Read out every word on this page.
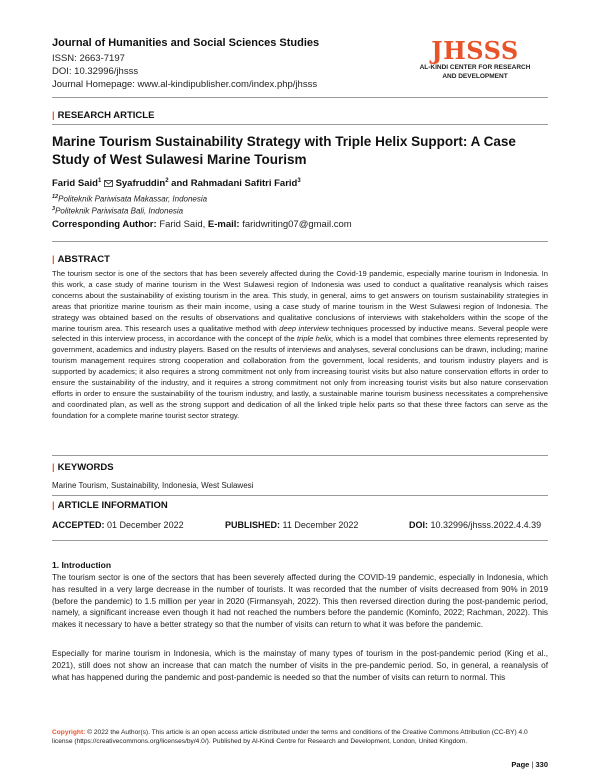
Journal of Humanities and Social Sciences Studies
ISSN: 2663-7197
DOI: 10.32996/jhsss
Journal Homepage: www.al-kindipublisher.com/index.php/jhsss
JHSSS
AL-KINDI CENTER FOR RESEARCH
AND DEVELOPMENT
| RESEARCH ARTICLE
Marine Tourism Sustainability Strategy with Triple Helix Support: A Case Study of West Sulawesi Marine Tourism
Farid Said$^1$ Syafruddin$^2$ and Rahmadani Safitri Farid$^3$
$^{12}$Politeknik Pariwisata Makassar, Indonesia
$^3$Politeknik Pariwisata Bali, Indonesia
Corresponding Author: Farid Said, E-mail: faridwriting07@gmail.com
| ABSTRACT
The tourism sector is one of the sectors that has been severely affected during the Covid-19 pandemic, especially marine tourism in Indonesia. In this work, a case study of marine tourism in the West Sulawesi region of Indonesia was used to conduct a qualitative reanalysis which raises concerns about the sustainability of existing tourism in the area. This study, in general, aims to get answers on tourism sustainability strategies in areas that prioritize marine tourism as their main income, using a case study of marine tourism in the West Sulawesi region of Indonesia. The strategy was obtained based on the results of observations and qualitative conclusions of interviews with stakeholders within the scope of the marine tourism area. This research uses a qualitative method with deep interview techniques processed by inductive means. Several people were selected in this interview process, in accordance with the concept of the triple helix, which is a model that combines three elements represented by government, academics and industry players. Based on the results of interviews and analyses, several conclusions can be drawn, including; marine tourism management requires strong cooperation and collaboration from the government, local residents, and tourism industry players and is supported by academics; it also requires a strong commitment not only from increasing tourist visits but also nature conservation efforts in order to ensure the sustainability of the industry, and it requires a strong commitment not only from increasing tourist visits but also nature conservation efforts in order to ensure the sustainability of the tourism industry, and lastly, a sustainable marine tourism business necessitates a comprehensive and coordinated plan, as well as the strong support and dedication of all the linked triple helix parts so that these three factors can serve as the foundation for a complete marine tourist sector strategy.
| KEYWORDS
Marine Tourism, Sustainability, Indonesia, West Sulawesi
| ARTICLE INFORMATION
ACCEPTED: 01 December 2022	PUBLISHED: 11 December 2022	DOI: 10.32996/jhsss.2022.4.4.39
1. Introduction
The tourism sector is one of the sectors that has been severely affected during the COVID-19 pandemic, especially in Indonesia, which has resulted in a very large decrease in the number of tourists. It was recorded that the number of visits decreased from 90% in 2019 (before the pandemic) to 1.5 million per year in 2020 (Firmansyah, 2022). This then reversed direction during the post-pandemic period, namely, a significant increase even though it had not reached the numbers before the pandemic (Kominfo, 2022; Rachman, 2022). This makes it necessary to have a better strategy so that the number of visits can return to what it was before the pandemic.
Especially for marine tourism in Indonesia, which is the mainstay of many types of tourism in the post-pandemic period (King et al., 2021), still does not show an increase that can match the number of visits in the pre-pandemic period. So, in general, a reanalysis of what has happened during the pandemic and post-pandemic is needed so that the number of visits can return to normal. This
Copyright: © 2022 the Author(s). This article is an open access article distributed under the terms and conditions of the Creative Commons Attribution (CC-BY) 4.0 license (https://creativecommons.org/licenses/by/4.0/). Published by Al-Kindi Centre for Research and Development, London, United Kingdom.
Page | 330
